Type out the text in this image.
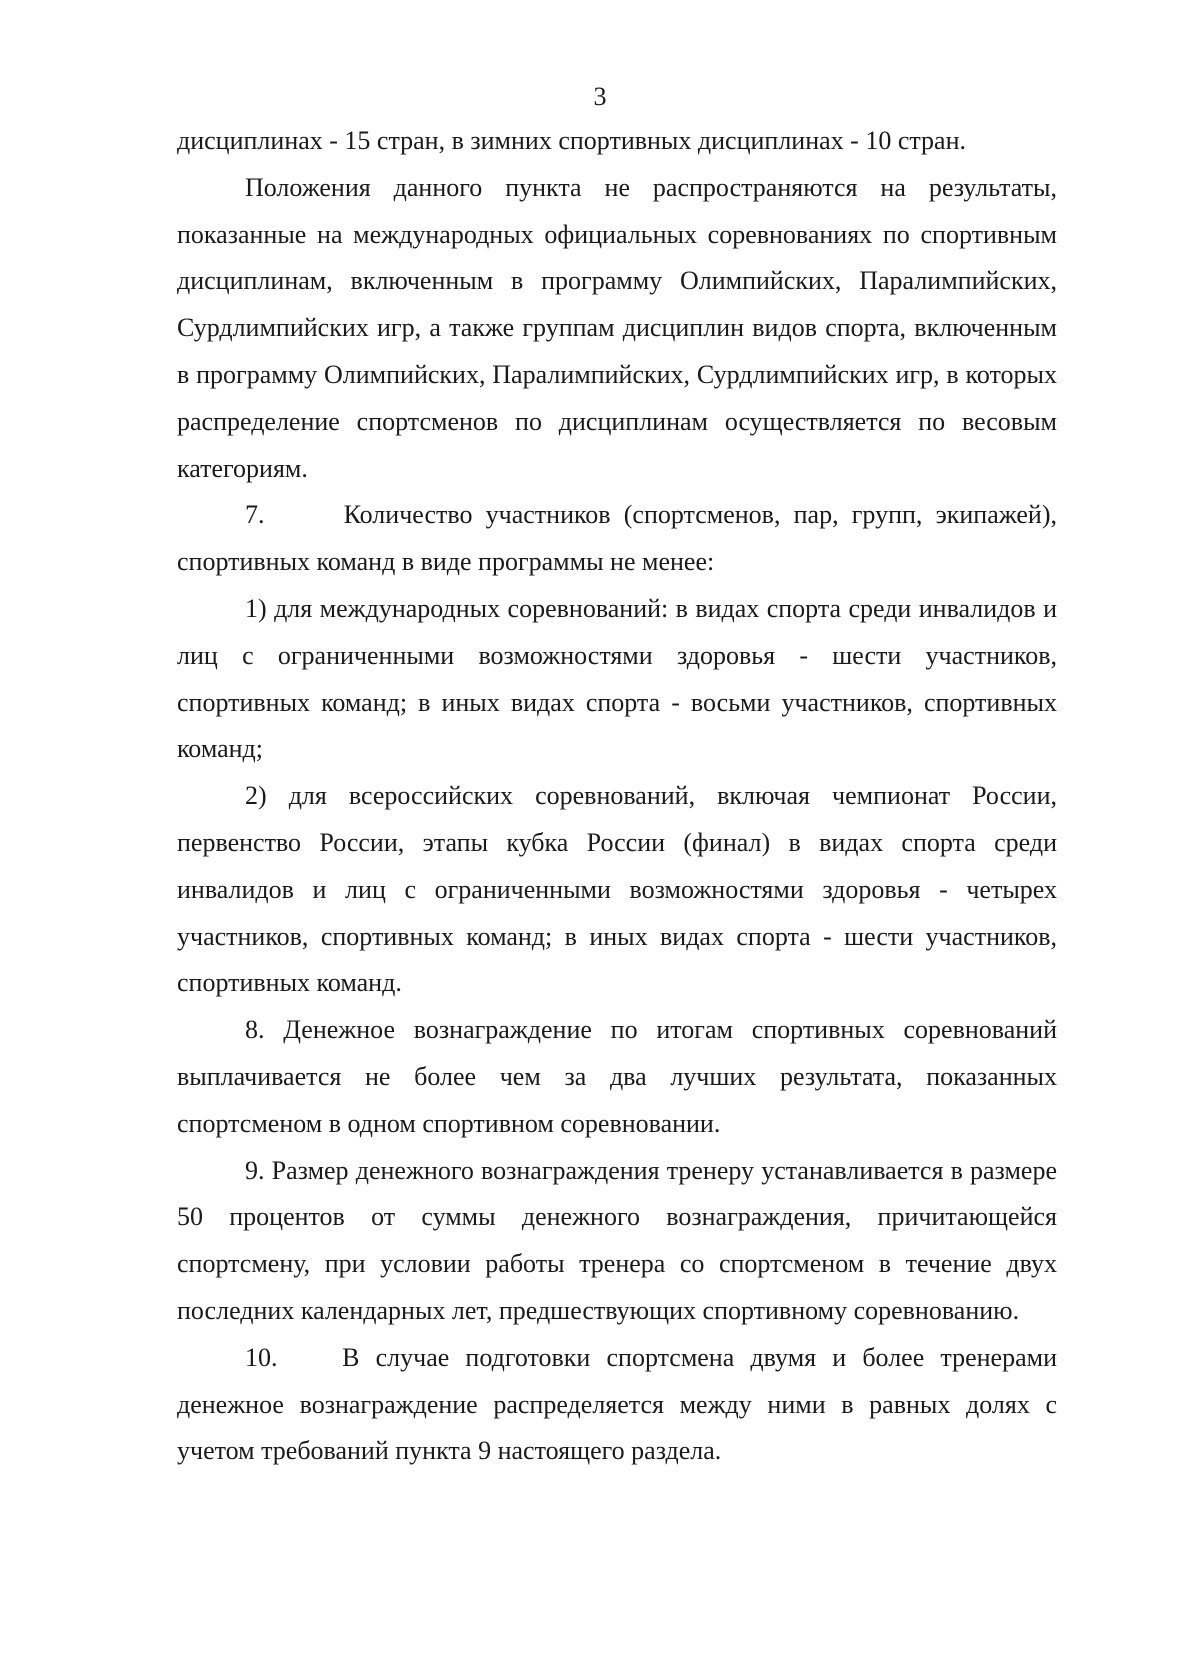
3

дисциплинах - 15 стран, в зимних спортивных дисциплинах - 10 стран.

Положения данного пункта не распространяются на результаты, показанные на международных официальных соревнованиях по спортивным дисциплинам, включенным в программу Олимпийских, Паралимпийских, Сурдлимпийских игр, а также группам дисциплин видов спорта, включенным в программу Олимпийских, Паралимпийских, Сурдлимпийских игр, в которых распределение спортсменов по дисциплинам осуществляется по весовым категориям.

7.      Количество участников (спортсменов, пар, групп, экипажей), спортивных команд в виде программы не менее:

1) для международных соревнований: в видах спорта среди инвалидов и лиц с ограниченными возможностями здоровья - шести участников, спортивных команд; в иных видах спорта - восьми участников, спортивных команд;

2) для всероссийских соревнований, включая чемпионат России, первенство России, этапы кубка России (финал) в видах спорта среди инвалидов и лиц с ограниченными возможностями здоровья - четырех участников, спортивных команд; в иных видах спорта - шести участников, спортивных команд.

8. Денежное вознаграждение по итогам спортивных соревнований выплачивается не более чем за два лучших результата, показанных спортсменом в одном спортивном соревновании.

9. Размер денежного вознаграждения тренеру устанавливается в размере 50 процентов от суммы денежного вознаграждения, причитающейся спортсмену, при условии работы тренера со спортсменом в течение двух последних календарных лет, предшествующих спортивному соревнованию.

10.    В случае подготовки спортсмена двумя и более тренерами денежное вознаграждение распределяется между ними в равных долях с учетом требований пункта 9 настоящего раздела.
